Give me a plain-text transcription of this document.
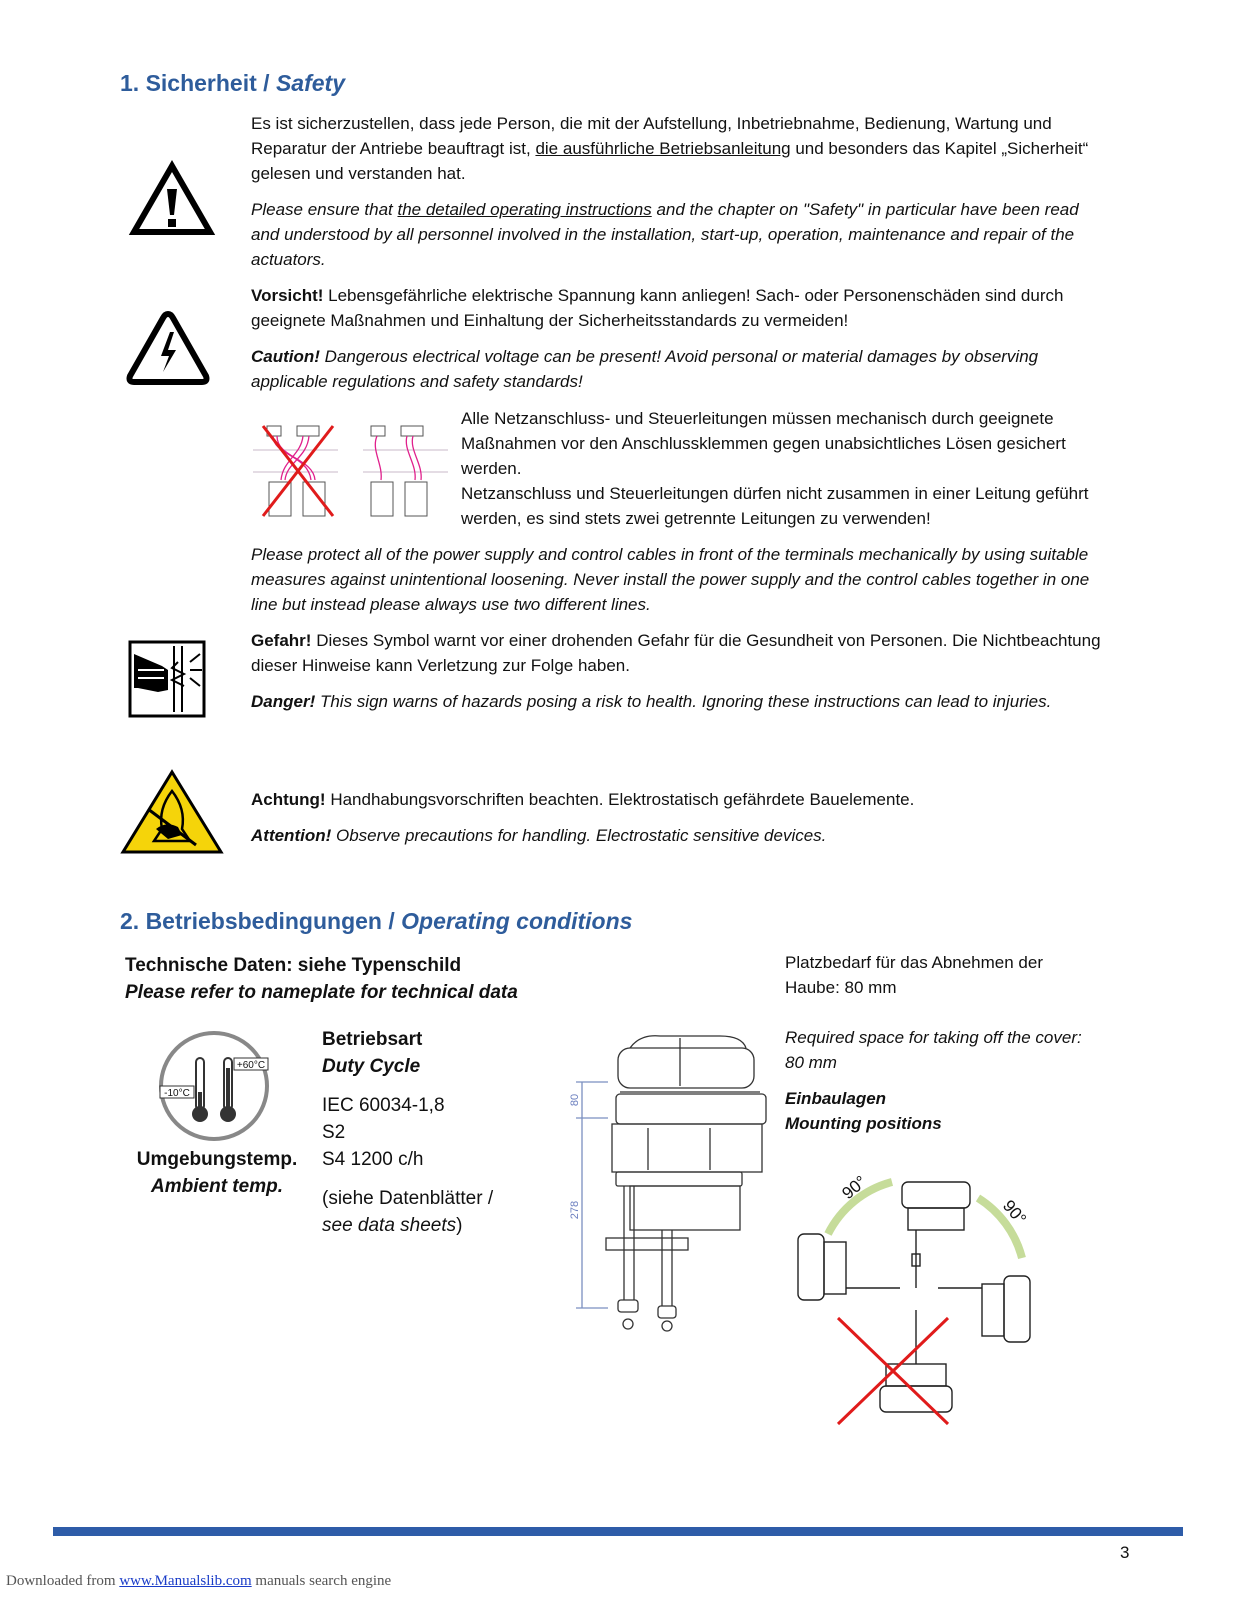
1. Sicherheit / Safety
Es ist sicherzustellen, dass jede Person, die mit der Aufstellung, Inbetriebnahme, Bedienung, Wartung und Reparatur der Antriebe beauftragt ist, die ausführliche Betriebsanleitung und besonders das Kapitel „Sicherheit“ gelesen und verstanden hat.
Please ensure that the detailed operating instructions and the chapter on "Safety" in particular have been read and understood by all personnel involved in the installation, start-up, operation, maintenance and repair of the actuators.
Vorsicht! Lebensgefährliche elektrische Spannung kann anliegen! Sach- oder Personenschäden sind durch geeignete Maßnahmen und Einhaltung der Sicherheitsstandards zu vermeiden!
Caution! Dangerous electrical voltage can be present! Avoid personal or material damages by observing applicable regulations and safety standards!
Alle Netzanschluss- und Steuerleitungen müssen mechanisch durch geeignete Maßnahmen vor den Anschlussklemmen gegen unabsichtliches Lösen gesichert werden.
Netzanschluss und Steuerleitungen dürfen nicht zusammen in einer Leitung geführt werden, es sind stets zwei getrennte Leitungen zu verwenden!
Please protect all of the power supply and control cables in front of the terminals mechanically by using suitable measures against unintentional loosening. Never install the power supply and the control cables together in one line but instead please always use two different lines.
Gefahr! Dieses Symbol warnt vor einer drohenden Gefahr für die Gesundheit von Personen. Die Nichtbeachtung dieser Hinweise kann Verletzung zur Folge haben.
Danger! This sign warns of hazards posing a risk to health. Ignoring these instructions can lead to injuries.
Achtung! Handhabungsvorschriften beachten. Elektrostatisch gefährdete Bauelemente.
Attention! Observe precautions for handling. Electrostatic sensitive devices.
2. Betriebsbedingungen / Operating conditions
Technische Daten: siehe Typenschild
Please refer to nameplate for technical data
-10°C
+60°C
Umgebungstemp.
Ambient temp.
Betriebsart
Duty Cycle
IEC 60034-1,8
S2
S4 1200 c/h
(siehe Datenblätter /
see data sheets)
80
278
Platzbedarf für das Abnehmen der Haube: 80 mm
Required space for taking off the cover: 80 mm
Einbaulagen
Mounting positions
90°
90°
3
Downloaded from www.Manualslib.com manuals search engine
